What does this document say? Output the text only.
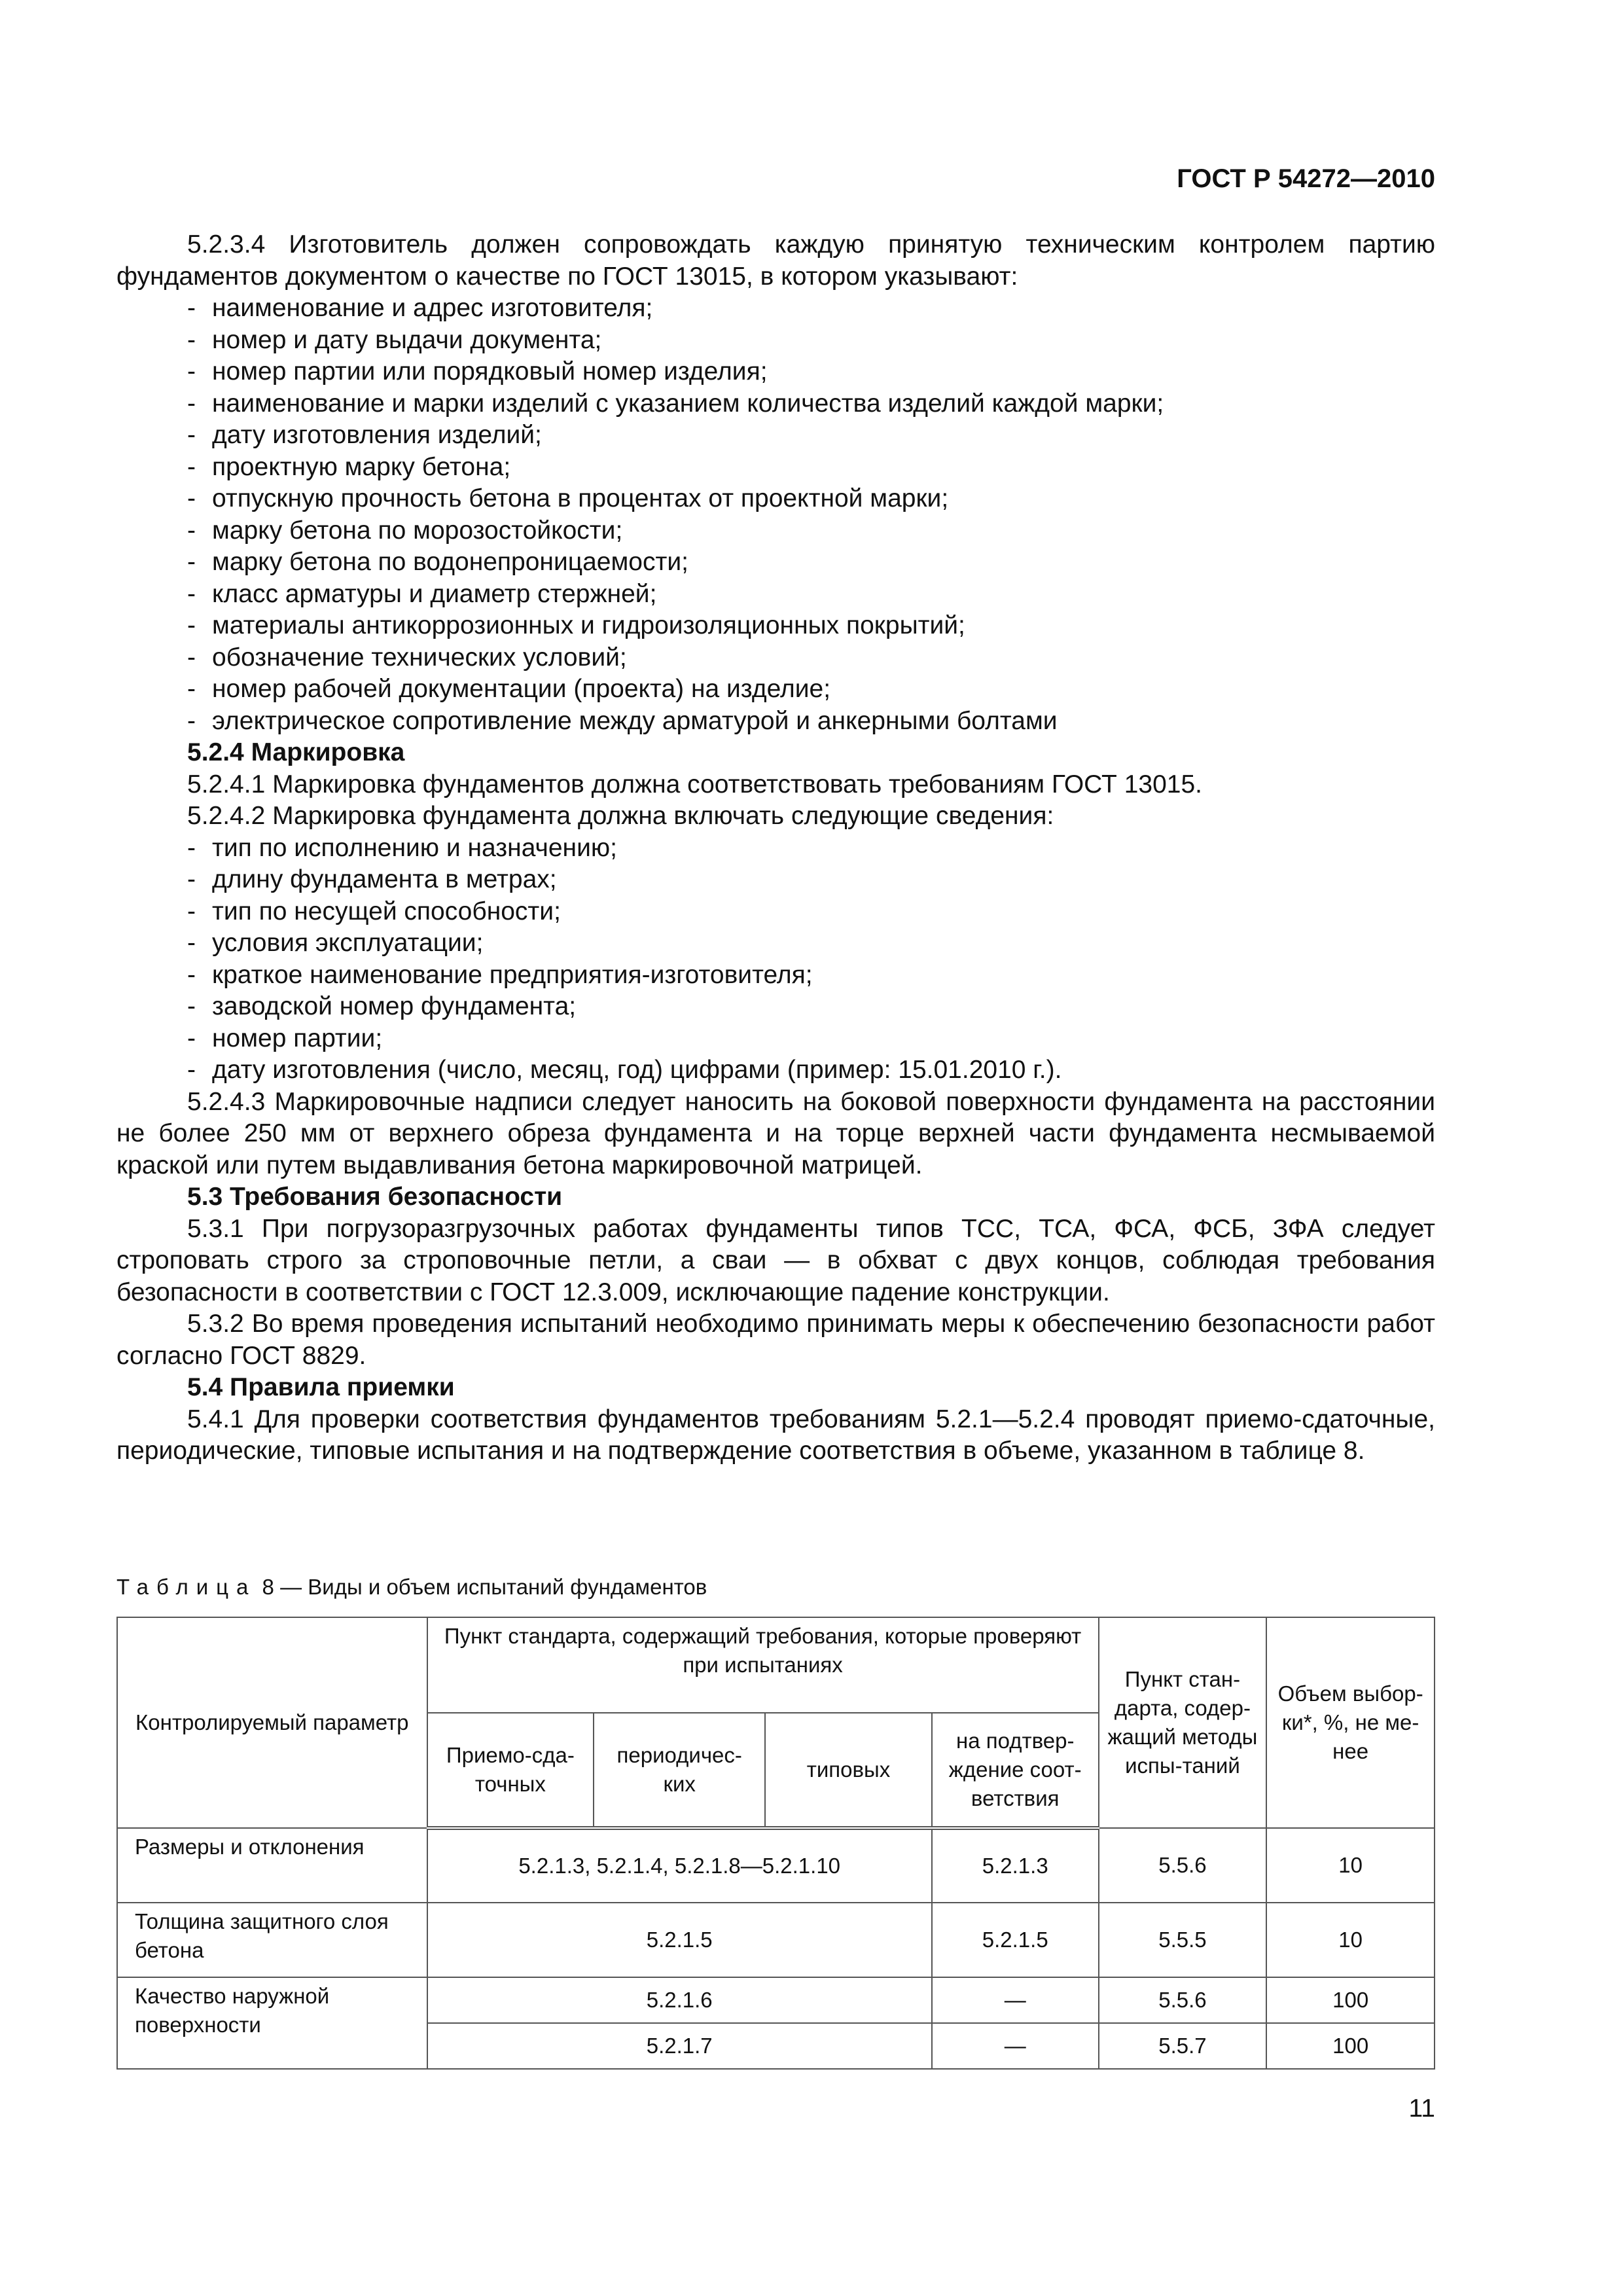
ГОСТ Р 54272—2010

5.2.3.4 Изготовитель должен сопровождать каждую принятую техническим контролем партию фундаментов документом о качестве по ГОСТ 13015, в котором указывают:

- наименование и адрес изготовителя;
- номер и дату выдачи документа;
- номер партии или порядковый номер изделия;
- наименование и марки изделий с указанием количества изделий каждой марки;
- дату изготовления изделий;
- проектную марку бетона;
- отпускную прочность бетона в процентах от проектной марки;
- марку бетона по морозостойкости;
- марку бетона по водонепроницаемости;
- класс арматуры и диаметр стержней;
- материалы антикоррозионных и гидроизоляционных покрытий;
- обозначение технических условий;
- номер рабочей документации (проекта) на изделие;
- электрическое сопротивление между арматурой и анкерными болтами

5.2.4 Маркировка

5.2.4.1 Маркировка фундаментов должна соответствовать требованиям ГОСТ 13015.

5.2.4.2 Маркировка фундамента должна включать следующие сведения:

- тип по исполнению и назначению;
- длину фундамента в метрах;
- тип по несущей способности;
- условия эксплуатации;
- краткое наименование предприятия-изготовителя;
- заводской номер фундамента;
- номер партии;
- дату изготовления (число, месяц, год) цифрами (пример: 15.01.2010 г.).

5.2.4.3 Маркировочные надписи следует наносить на боковой поверхности фундамента на расстоянии не более 250 мм от верхнего обреза фундамента и на торце верхней части фундамента несмываемой краской или путем выдавливания бетона маркировочной матрицей.

5.3 Требования безопасности

5.3.1 При погрузоразгрузочных работах фундаменты типов ТСС, ТСА, ФСА, ФСБ, ЗФА следует строповать строго за строповочные петли, а сваи — в обхват с двух концов, соблюдая требования безопасности в соответствии с ГОСТ 12.3.009, исключающие падение конструкции.

5.3.2 Во время проведения испытаний необходимо принимать меры к обеспечению безопасности работ согласно ГОСТ 8829.

5.4 Правила приемки

5.4.1 Для проверки соответствия фундаментов требованиям 5.2.1—5.2.4 проводят приемо-сдаточные, периодические, типовые испытания и на подтверждение соответствия в объеме, указанном в таблице 8.

Таблица 8 — Виды и объем испытаний фундаментов
Контролируемый параметр	Пункт стандарта, содержащий требования, которые проверяют при испытаниях				Пункт стан-дарта, содер-жащий методы испы-таний	Объем выбор-ки*, %, не ме-нее
	Приемо-сда-точных	периодичес-ких	типовых	на подтвер-ждение соот-ветствия		
Размеры и отклонения	5.2.1.3, 5.2.1.4, 5.2.1.8—5.2.1.10			5.2.1.3	5.5.6	10
Толщина защитного слоя бетона	5.2.1.5			5.2.1.5	5.5.5	10
Качество наружной поверхности	5.2.1.6			—	5.5.6	100
	5.2.1.7			—	5.5.7	100
11
